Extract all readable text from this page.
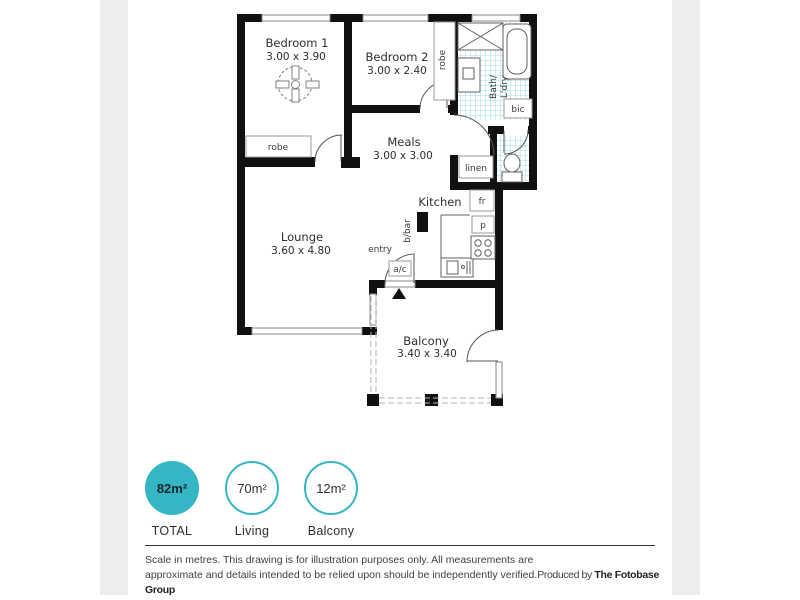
Bedroom 1
3.00 x 3.90	Bedroom 2
3.00 x 2.40
Meals
3.00 x 3.00
Lounge
3.60 x 4.80
Kitchen
Balcony
3.40 x 3.40
Bath/ L'dry
robe
robe
linen
bic
fr
p
b/bar
a/c
entry
82m²
TOTAL
70m²
Living
12m²
Balcony
Scale in metres. This drawing is for illustration purposes only. All measurements are
approximate and details intended to be relied upon should be independently verified.Produced by The Fotobase Group
